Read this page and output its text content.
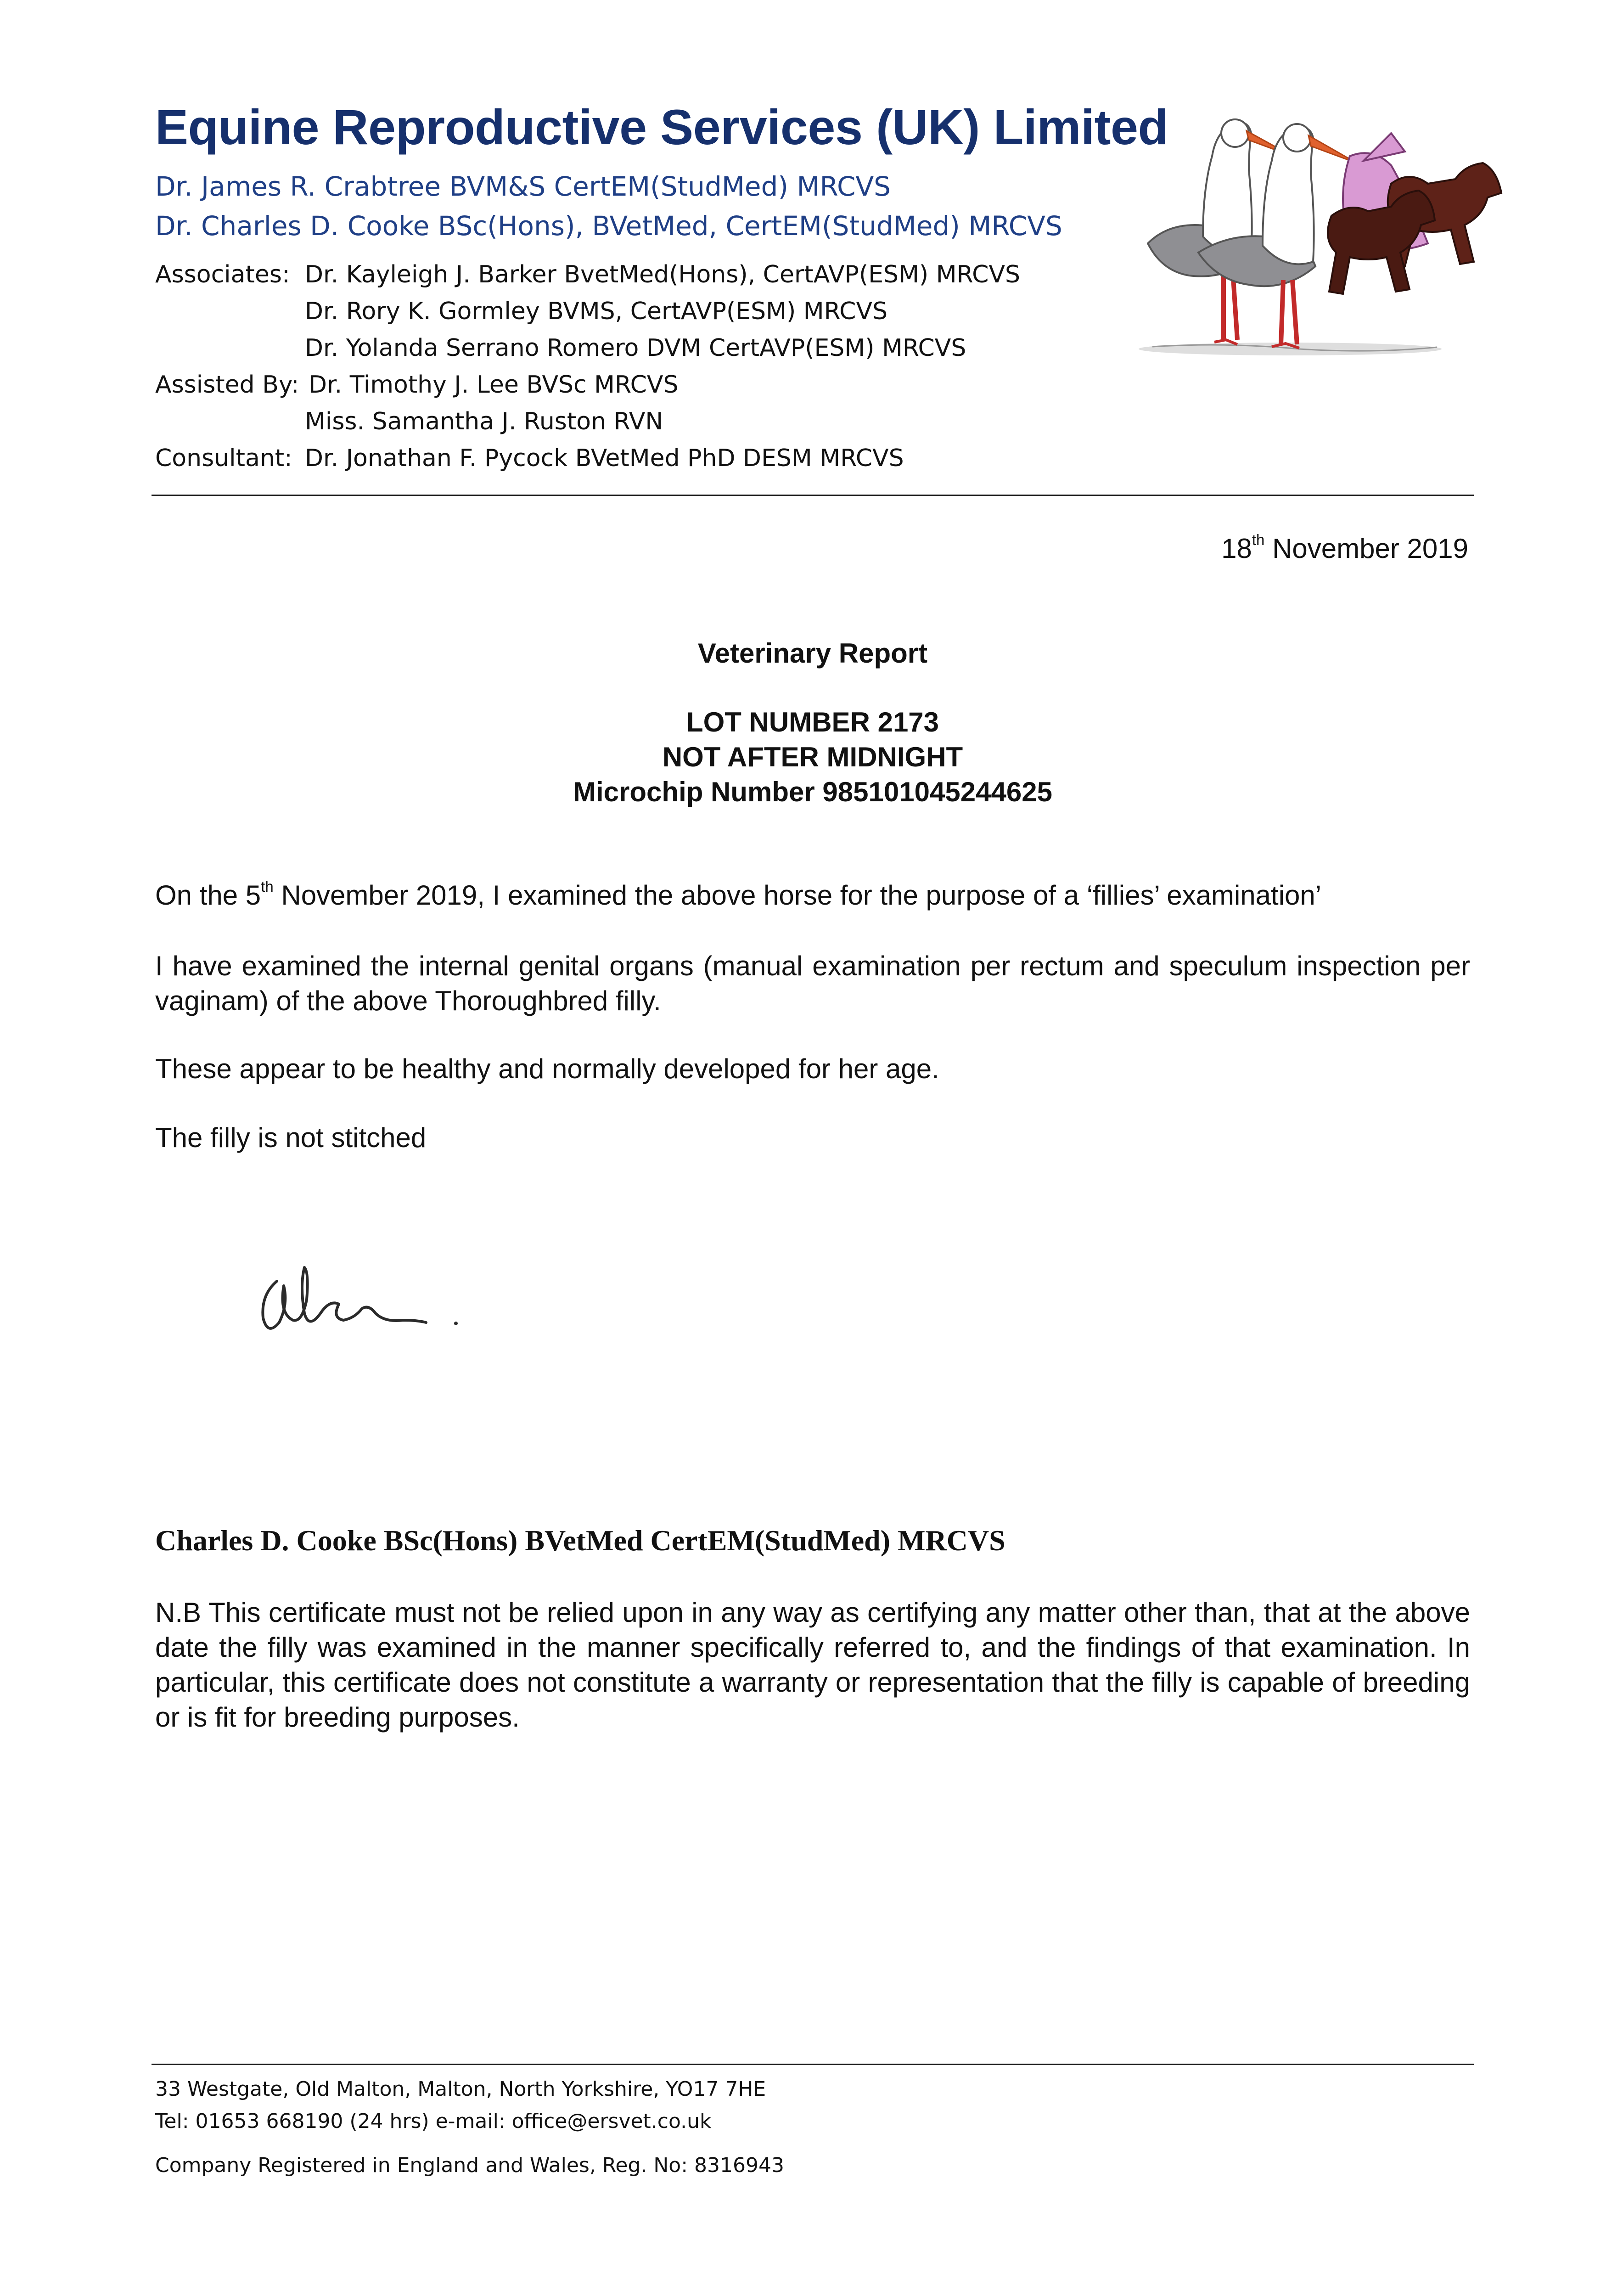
Equine Reproductive Services (UK) Limited
Dr. James R. Crabtree BVM&S CertEM(StudMed) MRCVS
Dr. Charles D. Cooke BSc(Hons), BVetMed, CertEM(StudMed) MRCVS
Associates: Dr. Kayleigh J. Barker BvetMed(Hons), CertAVP(ESM) MRCVS
Dr. Rory K. Gormley BVMS, CertAVP(ESM) MRCVS
Dr. Yolanda Serrano Romero DVM CertAVP(ESM) MRCVS
Assisted By: Dr. Timothy J. Lee BVSc MRCVS
Miss. Samantha J. Ruston RVN
Consultant: Dr. Jonathan F. Pycock BVetMed PhD DESM MRCVS
18th November 2019
Veterinary Report
LOT NUMBER 2173
NOT AFTER MIDNIGHT
Microchip Number 985101045244625
On the 5th November 2019, I examined the above horse for the purpose of a ‘fillies’ examination’
I have examined the internal genital organs (manual examination per rectum and speculum inspection per vaginam) of the above Thoroughbred filly.
These appear to be healthy and normally developed for her age.
The filly is not stitched
Charles D. Cooke BSc(Hons) BVetMed CertEM(StudMed) MRCVS
N.B This certificate must not be relied upon in any way as certifying any matter other than, that at the above date the filly was examined in the manner specifically referred to, and the findings of that examination. In particular, this certificate does not constitute a warranty or representation that the filly is capable of breeding or is fit for breeding purposes.
33 Westgate, Old Malton, Malton, North Yorkshire, YO17 7HE
Tel: 01653 668190 (24 hrs) e-mail: office@ersvet.co.uk
Company Registered in England and Wales, Reg. No: 8316943
